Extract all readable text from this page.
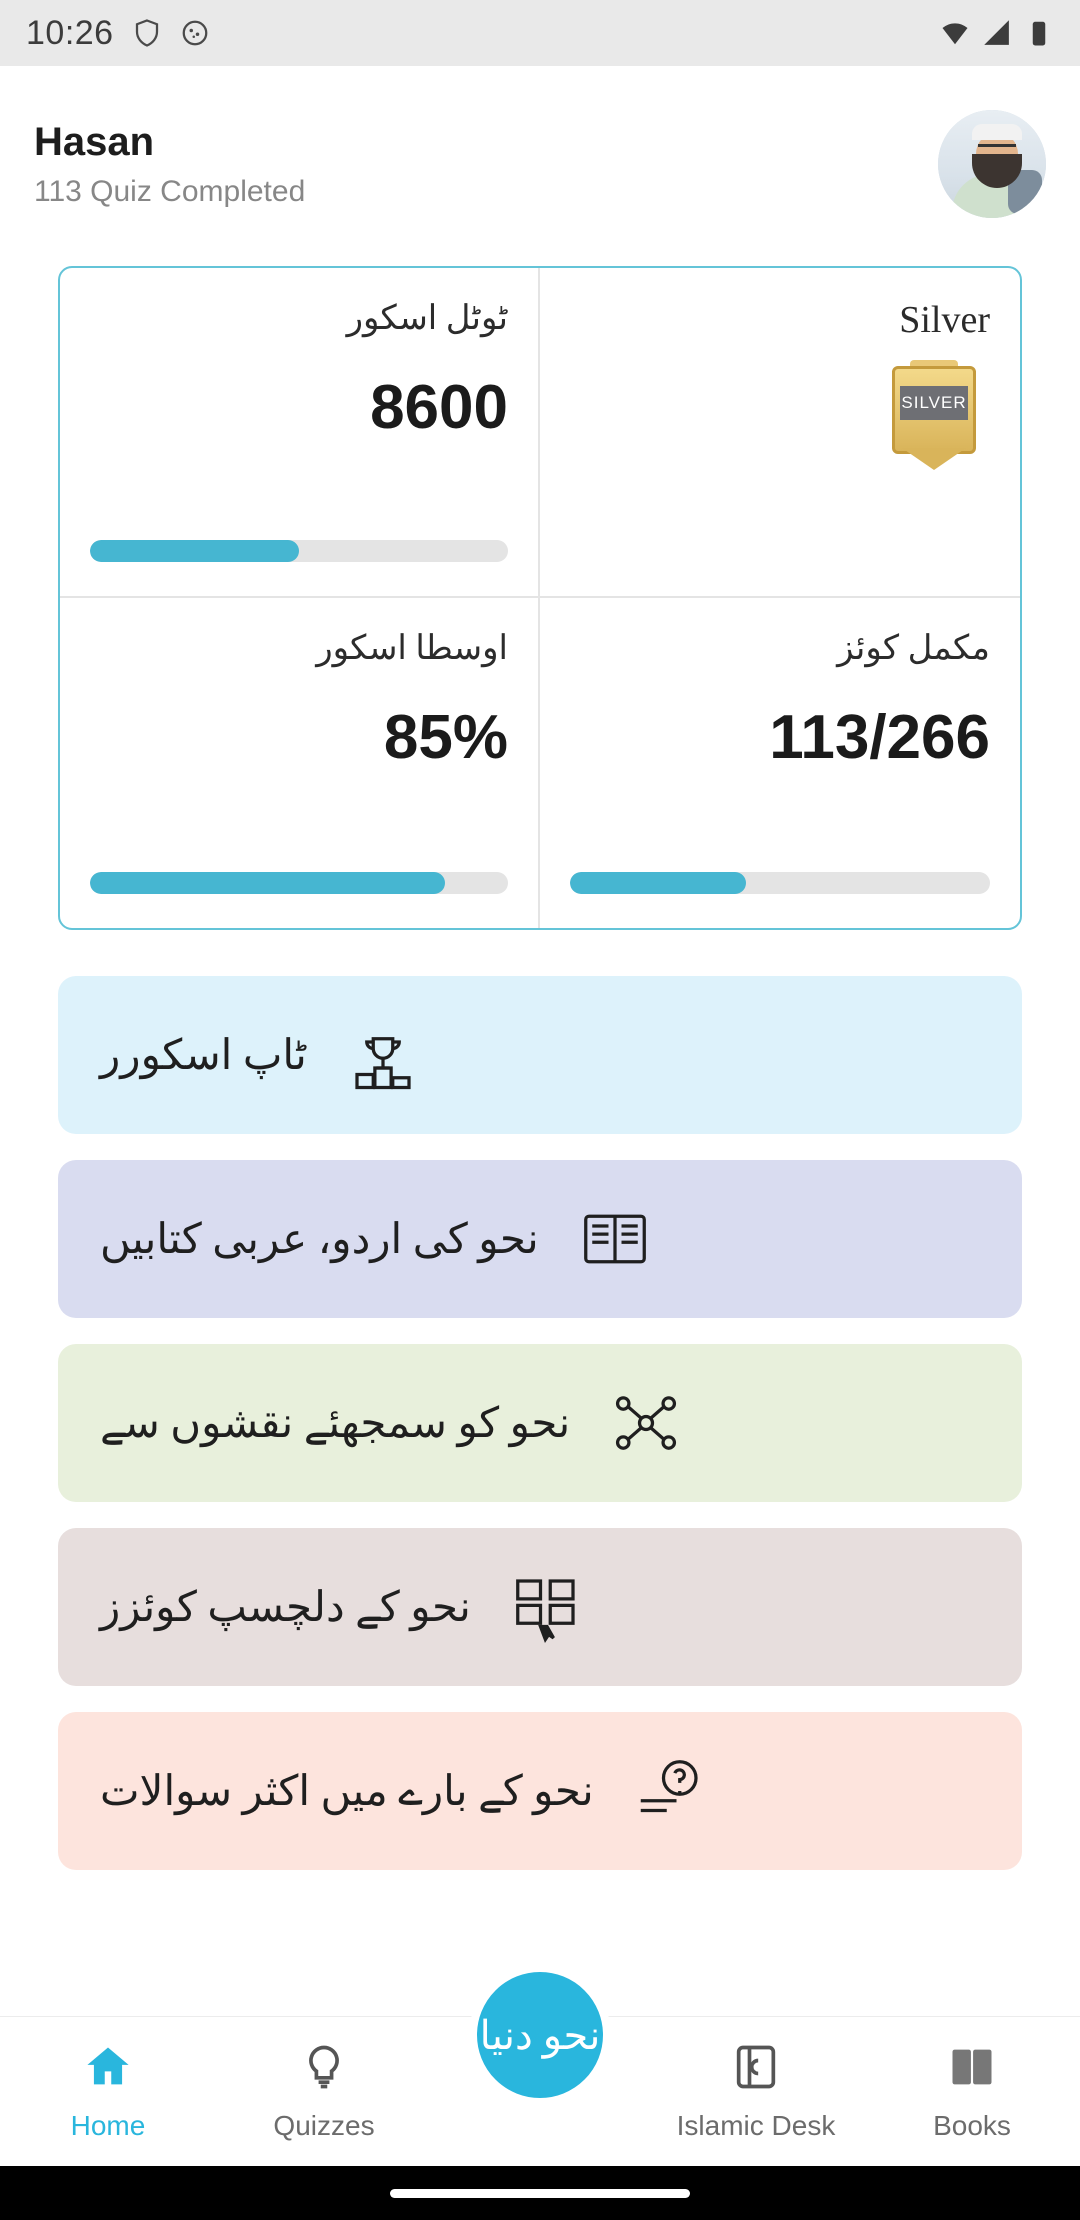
10:26
Hasan
113 Quiz Completed
ٹوٹل اسکور
8600
Silver
SILVER
اوسطا اسکور
85%
مکمل کوئز
113/266
ٹاپ اسکورر
نحو کی اردو، عربی کتابیں
نحو کو سمجھئے نقشوں سے
نحو کے دلچسپ کوئزز
نحو کے بارے میں اکثر سوالات
نحو دنیا
Home	Quizzes	Islamic Desk	Books
